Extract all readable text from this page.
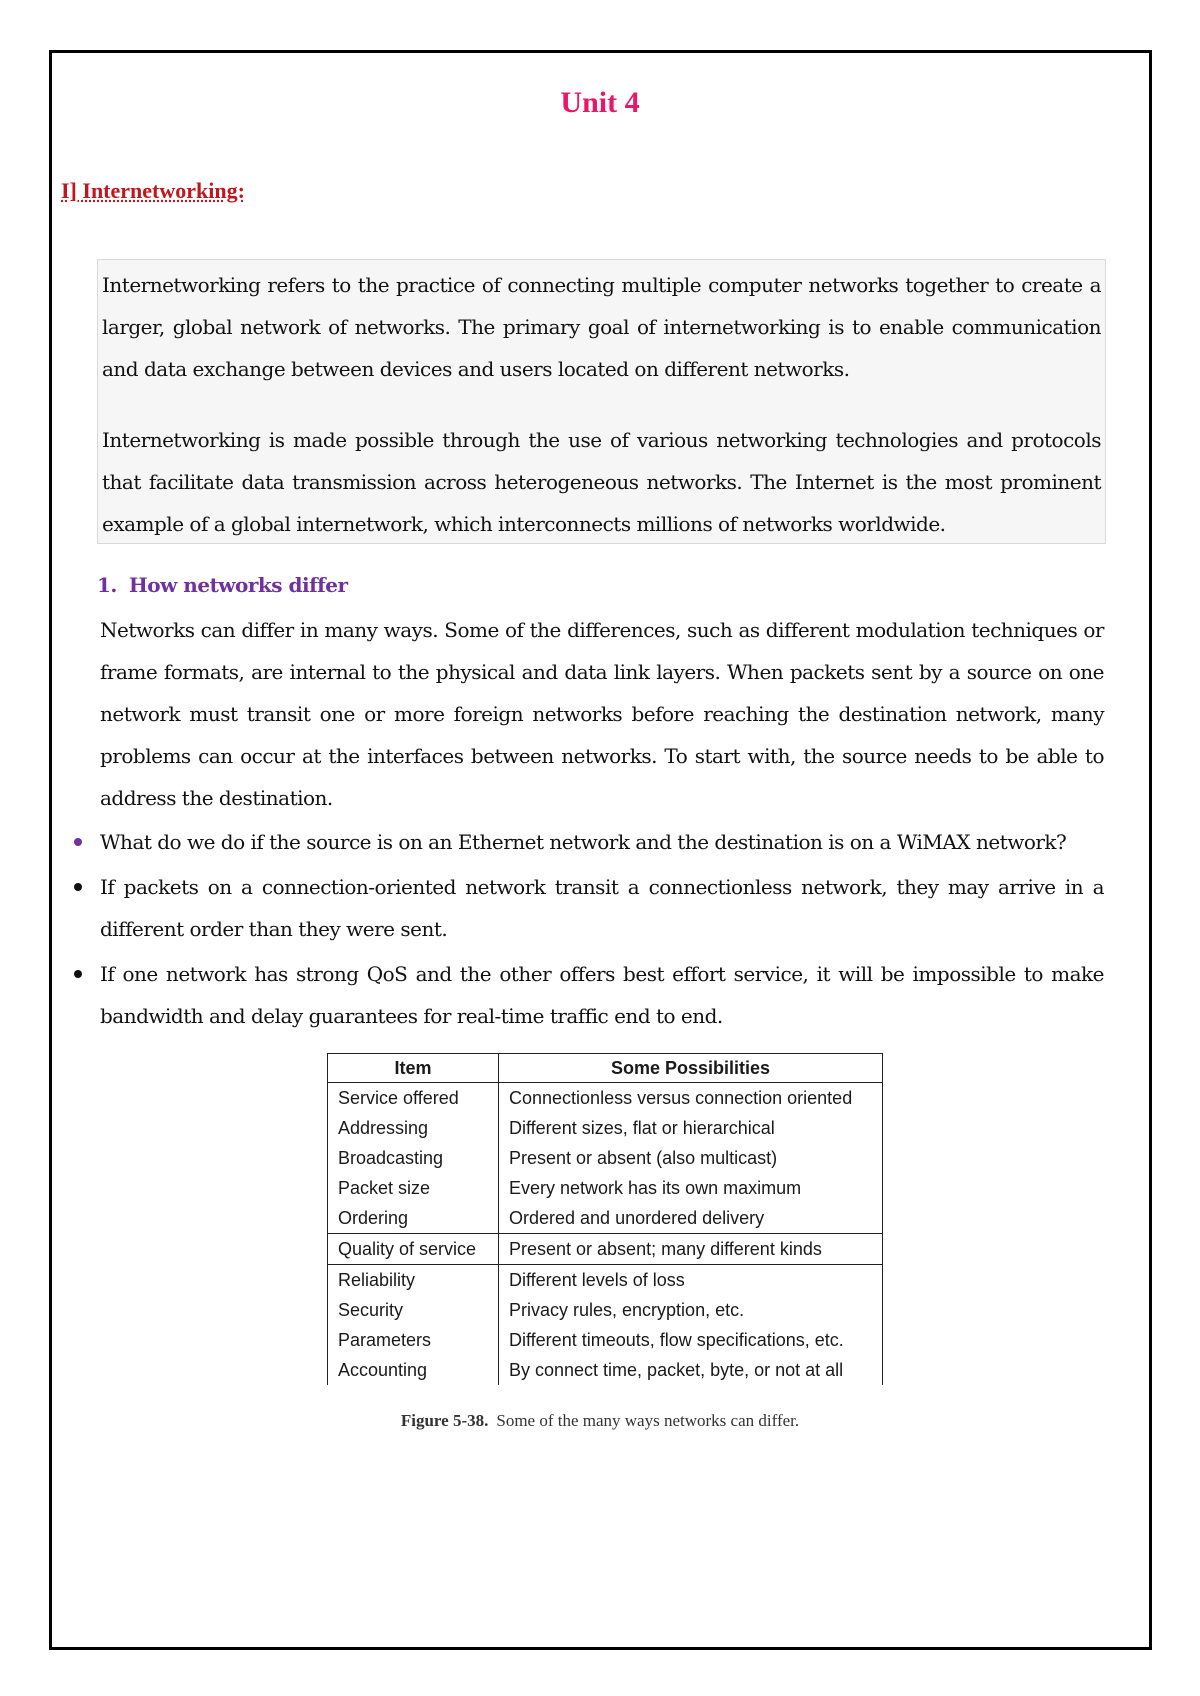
Unit 4
I] Internetworking:

Internetworking refers to the practice of connecting multiple computer networks together to create a larger, global network of networks. The primary goal of internetworking is to enable communication and data exchange between devices and users located on different networks.

Internetworking is made possible through the use of various networking technologies and protocols that facilitate data transmission across heterogeneous networks. The Internet is the most prominent example of a global internetwork, which interconnects millions of networks worldwide.

1. How networks differ

Networks can differ in many ways. Some of the differences, such as different modulation techniques or frame formats, are internal to the physical and data link layers. When packets sent by a source on one network must transit one or more foreign networks before reaching the destination network, many problems can occur at the interfaces between networks. To start with, the source needs to be able to address the destination.

What do we do if the source is on an Ethernet network and the destination is on a WiMAX network?
If packets on a connection-oriented network transit a connectionless network, they may arrive in a different order than they were sent.
If one network has strong QoS and the other offers best effort service, it will be impossible to make bandwidth and delay guarantees for real-time traffic end to end.
Item	Some Possibilities
Service offered	Connectionless versus connection oriented
Addressing	Different sizes, flat or hierarchical
Broadcasting	Present or absent (also multicast)
Packet size	Every network has its own maximum
Ordering	Ordered and unordered delivery
Quality of service	Present or absent; many different kinds
Reliability	Different levels of loss
Security	Privacy rules, encryption, etc.
Parameters	Different timeouts, flow specifications, etc.
Accounting	By connect time, packet, byte, or not at all

Figure 5-38. Some of the many ways networks can differ.
